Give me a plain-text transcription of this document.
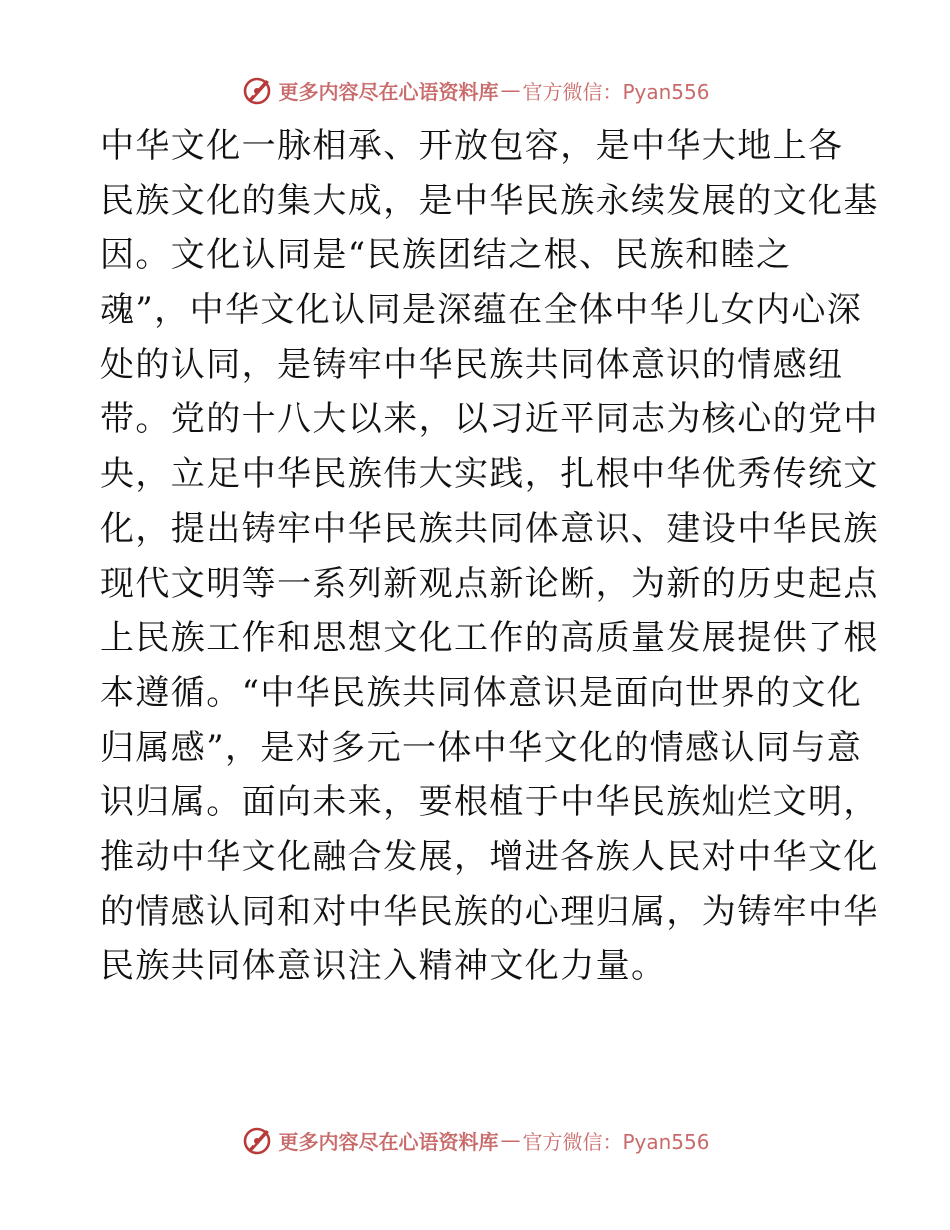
更多内容尽在心语资料库 — 官方微信：Pyan556
中华文化一脉相承、开放包容，是中华大地上各
民族文化的集大成，是中华民族永续发展的文化基
因。文化认同是“民族团结之根、民族和睦之
魂”，中华文化认同是深蕴在全体中华儿女内心深
处的认同，是铸牢中华民族共同体意识的情感纽
带。党的十八大以来，以习近平同志为核心的党中
央，立足中华民族伟大实践，扎根中华优秀传统文
化，提出铸牢中华民族共同体意识、建设中华民族
现代文明等一系列新观点新论断，为新的历史起点
上民族工作和思想文化工作的高质量发展提供了根
本遵循。“中华民族共同体意识是面向世界的文化
归属感”，是对多元一体中华文化的情感认同与意
识归属。面向未来，要根植于中华民族灿烂文明，
推动中华文化融合发展，增进各族人民对中华文化
的情感认同和对中华民族的心理归属，为铸牢中华
民族共同体意识注入精神文化力量。
更多内容尽在心语资料库 — 官方微信：Pyan556
